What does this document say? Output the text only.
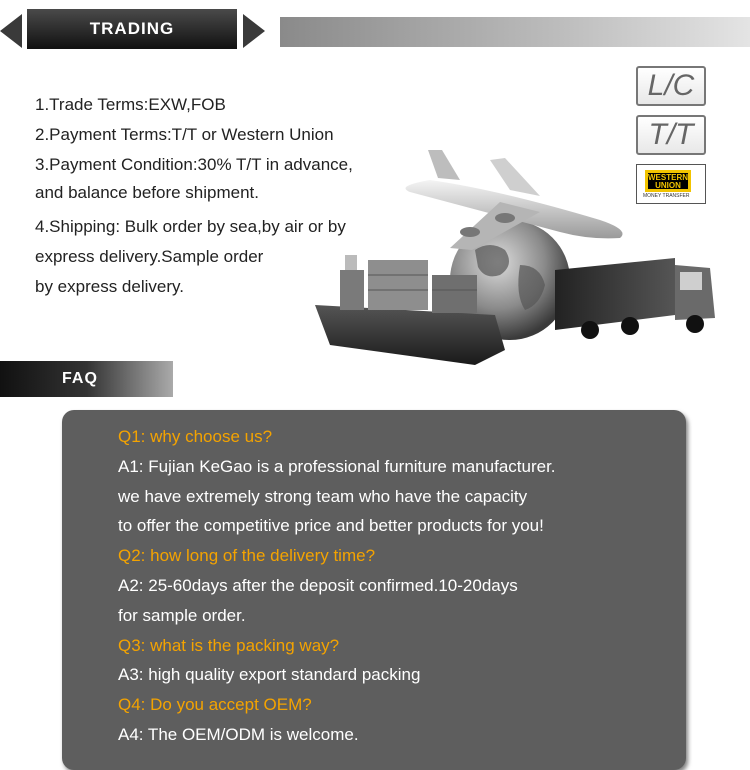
TRADING
1.Trade Terms:EXW,FOB
2.Payment Terms:T/T or Western Union
3.Payment Condition:30% T/T in advance,
and balance before shipment.
4.Shipping: Bulk order by sea,by air or by
express delivery.Sample order
by express delivery.
L/C
T/T
WESTERN
UNION
MONEY TRANSFER
FAQ
Q1: why choose us?
A1: Fujian KeGao is a professional furniture manufacturer.
we have extremely strong team who have the capacity
to offer the competitive price and better products for you!
Q2: how long of the delivery time?
A2: 25-60days after the deposit confirmed.10-20days
for sample order.
Q3: what is the packing way?
A3: high quality export standard packing
Q4: Do you accept OEM?
A4: The OEM/ODM is welcome.
